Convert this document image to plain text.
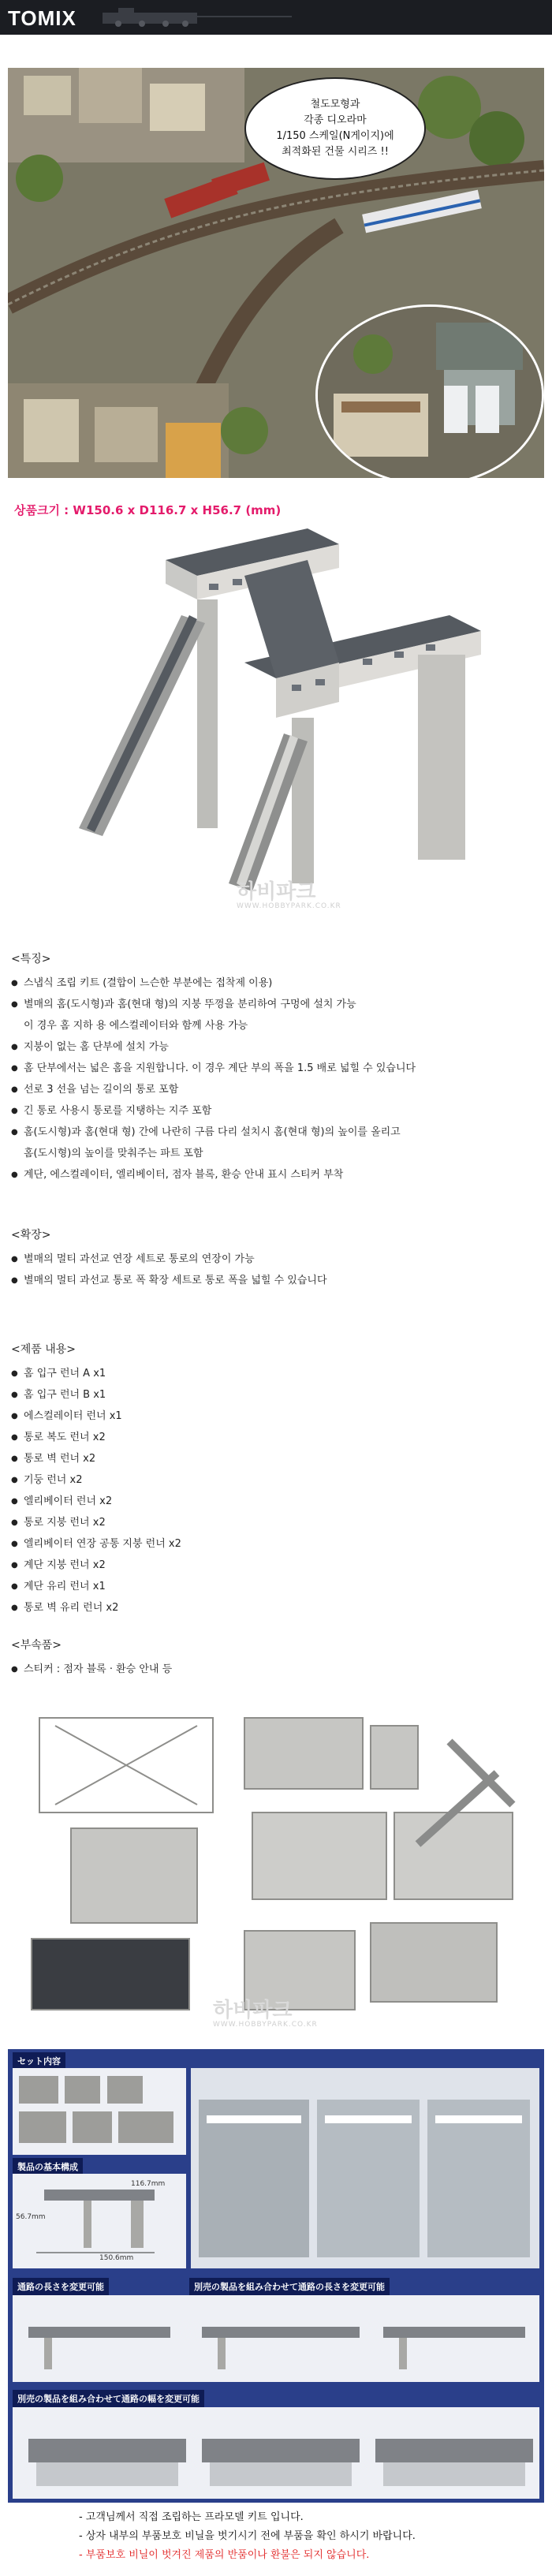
TOMIX
철도모형과
각종 디오라마
1/150 스케일(N게이지)에
최적화된 건물 시리즈 !!
상품크기 : W150.6 x D116.7 x H56.7 (mm)
하비파크
WWW.HOBBYPARK.CO.KR
<특징>
● 스냅식 조립 키트 (결합이 느슨한 부분에는 접착제 이용)
● 별매의 홈(도시형)과 홈(현대 형)의 지붕 뚜껑을 분리하여 구멍에 설치 가능
이 경우 홈 지하 용 에스컬레이터와 함께 사용 가능
● 지붕이 없는 홈 단부에 설치 가능
● 홈 단부에서는 넓은 홈을 지원합니다. 이 경우 계단 부의 폭을 1.5 배로 넓힐 수 있습니다
● 선로 3 선을 넘는 길이의 통로 포함
● 긴 통로 사용시 통로를 지탱하는 지주 포함
● 홈(도시형)과 홈(현대 형) 간에 나란히 구름 다리 설치시 홈(현대 형)의 높이를 올리고
홈(도시형)의 높이를 맞춰주는 파트 포함
● 계단, 에스컬레이터, 엘리베이터, 점자 블록, 환승 안내 표시 스티커 부착
<확장>
● 별매의 멀티 과선교 연장 세트로 통로의 연장이 가능
● 별매의 멀티 과선교 통로 폭 확장 세트로 통로 폭을 넓힐 수 있습니다
<제품 내용>
● 홈 입구 런너 A x1
● 홈 입구 런너 B x1
● 에스컬레이터 런너 x1
● 통로 복도 런너 x2
● 통로 벽 런너 x2
● 기둥 런너 x2
● 엘리베이터 런너 x2
● 통로 지붕 런너 x2
● 엘리베이터 연장 공통 지붕 런너 x2
● 계단 지붕 런너 x2
● 계단 유리 런너 x1
● 통로 벽 유리 런너 x2
<부속품>
● 스티커 : 점자 블록 · 환승 안내 등
하비파크
WWW.HOBBYPARK.CO.KR
セット内容
製品の基本構成
150.6mm
116.7mm
56.7mm
通路の長さを変更可能	別売の製品を組み合わせて通路の長さを変更可能
別売の製品を組み合わせて通路の幅を変更可能
- 고객님께서 직접 조립하는 프라모델 키트 입니다.
- 상자 내부의 부품보호 비닐을 벗기시기 전에 부품을 확인 하시기 바랍니다.
- 부품보호 비닐이 벗겨진 제품의 반품이나 환불은 되지 않습니다.
